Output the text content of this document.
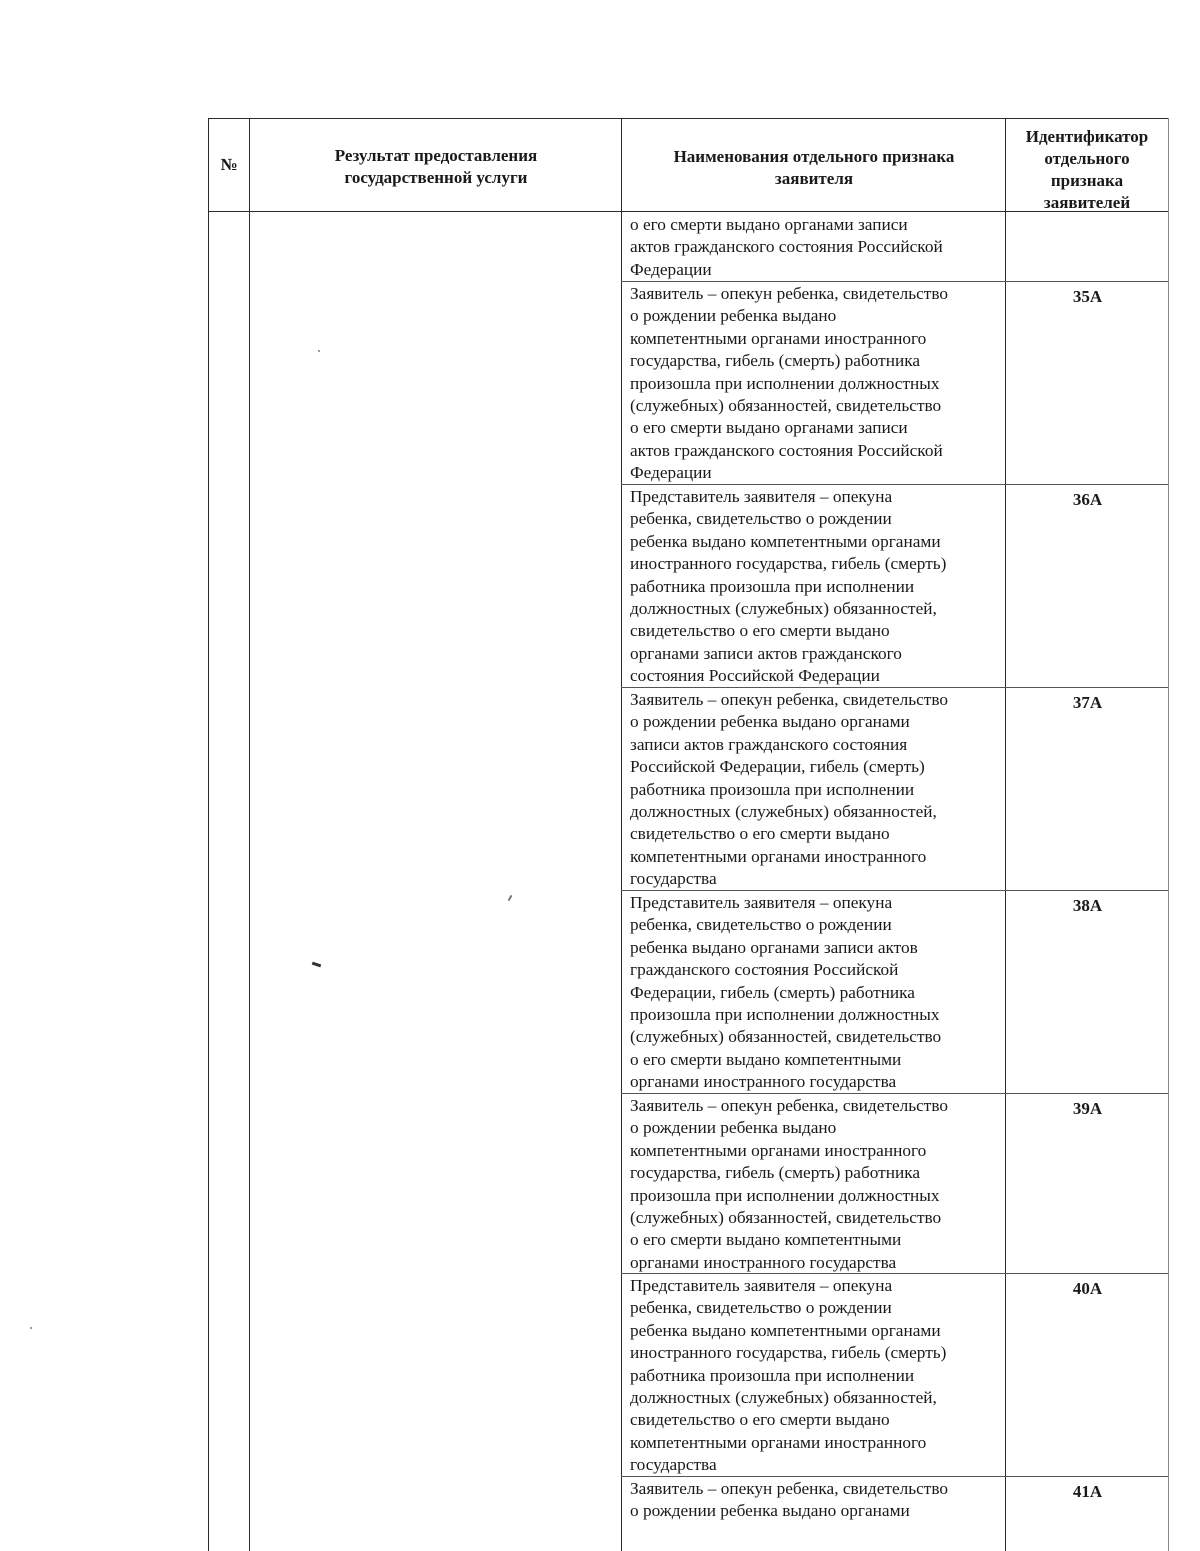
№	Результат предоставления
государственной услуги
Наименования отдельного признака
заявителя
Идентификатор
отдельного
признака
заявителей
о его смерти выдано органами записи
актов гражданского состояния Российской
Федерации
Заявитель – опекун ребенка, свидетельство
о рождении ребенка выдано
компетентными органами иностранного
государства, гибель (смерть) работника
произошла при исполнении должностных
(служебных) обязанностей, свидетельство
о его смерти выдано органами записи
актов гражданского состояния Российской
Федерации
35А
Представитель заявителя – опекуна
ребенка, свидетельство о рождении
ребенка выдано компетентными органами
иностранного государства, гибель (смерть)
работника произошла при исполнении
должностных (служебных) обязанностей,
свидетельство о его смерти выдано
органами записи актов гражданского
состояния Российской Федерации
36А
Заявитель – опекун ребенка, свидетельство
о рождении ребенка выдано органами
записи актов гражданского состояния
Российской Федерации, гибель (смерть)
работника произошла при исполнении
должностных (служебных) обязанностей,
свидетельство о его смерти выдано
компетентными органами иностранного
государства
37А
Представитель заявителя – опекуна
ребенка, свидетельство о рождении
ребенка выдано органами записи актов
гражданского состояния Российской
Федерации, гибель (смерть) работника
произошла при исполнении должностных
(служебных) обязанностей, свидетельство
о его смерти выдано компетентными
органами иностранного государства
38А
Заявитель – опекун ребенка, свидетельство
о рождении ребенка выдано
компетентными органами иностранного
государства, гибель (смерть) работника
произошла при исполнении должностных
(служебных) обязанностей, свидетельство
о его смерти выдано компетентными
органами иностранного государства
39А
Представитель заявителя – опекуна
ребенка, свидетельство о рождении
ребенка выдано компетентными органами
иностранного государства, гибель (смерть)
работника произошла при исполнении
должностных (служебных) обязанностей,
свидетельство о его смерти выдано
компетентными органами иностранного
государства
40А
Заявитель – опекун ребенка, свидетельство
о рождении ребенка выдано органами
41А
